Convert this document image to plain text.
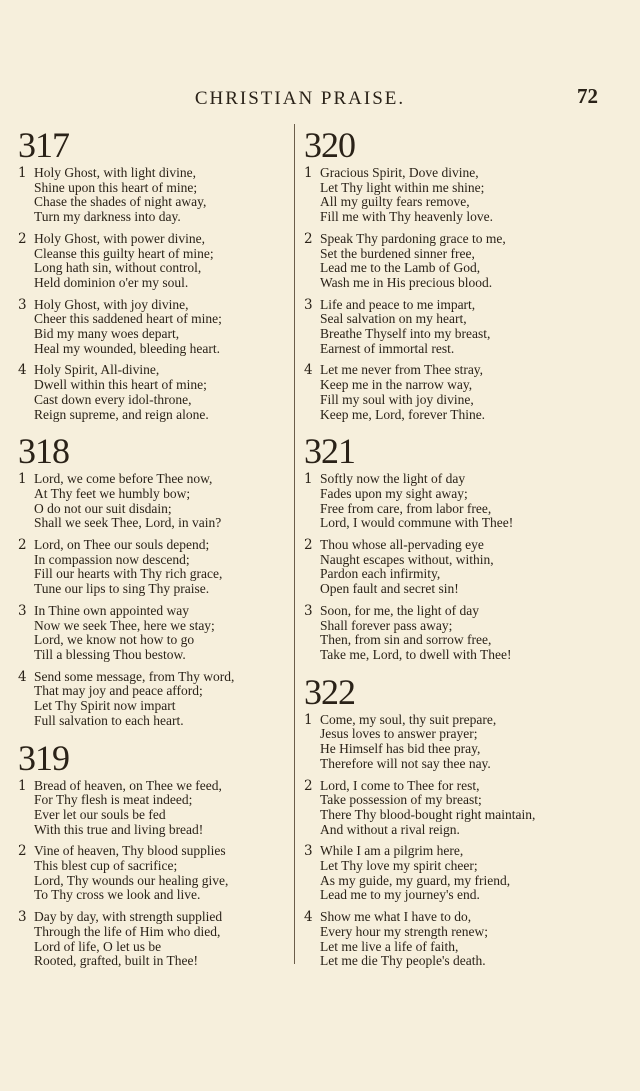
CHRISTIAN PRAISE.	72
317
1 Holy Ghost, with light divine,
Shine upon this heart of mine;
Chase the shades of night away,
Turn my darkness into day.
2 Holy Ghost, with power divine,
Cleanse this guilty heart of mine;
Long hath sin, without control,
Held dominion o'er my soul.
3 Holy Ghost, with joy divine,
Cheer this saddened heart of mine;
Bid my many woes depart,
Heal my wounded, bleeding heart.
4 Holy Spirit, All-divine,
Dwell within this heart of mine;
Cast down every idol-throne,
Reign supreme, and reign alone.
318
1 Lord, we come before Thee now,
At Thy feet we humbly bow;
O do not our suit disdain;
Shall we seek Thee, Lord, in vain?
2 Lord, on Thee our souls depend;
In compassion now descend;
Fill our hearts with Thy rich grace,
Tune our lips to sing Thy praise.
3 In Thine own appointed way
Now we seek Thee, here we stay;
Lord, we know not how to go
Till a blessing Thou bestow.
4 Send some message, from Thy word,
That may joy and peace afford;
Let Thy Spirit now impart
Full salvation to each heart.
319
1 Bread of heaven, on Thee we feed,
For Thy flesh is meat indeed;
Ever let our souls be fed
With this true and living bread!
2 Vine of heaven, Thy blood supplies
This blest cup of sacrifice;
Lord, Thy wounds our healing give,
To Thy cross we look and live.
3 Day by day, with strength supplied
Through the life of Him who died,
Lord of life, O let us be
Rooted, grafted, built in Thee!
320
1 Gracious Spirit, Dove divine,
Let Thy light within me shine;
All my guilty fears remove,
Fill me with Thy heavenly love.
2 Speak Thy pardoning grace to me,
Set the burdened sinner free,
Lead me to the Lamb of God,
Wash me in His precious blood.
3 Life and peace to me impart,
Seal salvation on my heart,
Breathe Thyself into my breast,
Earnest of immortal rest.
4 Let me never from Thee stray,
Keep me in the narrow way,
Fill my soul with joy divine,
Keep me, Lord, forever Thine.
321
1 Softly now the light of day
Fades upon my sight away;
Free from care, from labor free,
Lord, I would commune with Thee!
2 Thou whose all-pervading eye
Naught escapes without, within,
Pardon each infirmity,
Open fault and secret sin!
3 Soon, for me, the light of day
Shall forever pass away;
Then, from sin and sorrow free,
Take me, Lord, to dwell with Thee!
322
1 Come, my soul, thy suit prepare,
Jesus loves to answer prayer;
He Himself has bid thee pray,
Therefore will not say thee nay.
2 Lord, I come to Thee for rest,
Take possession of my breast;
There Thy blood-bought right maintain,
And without a rival reign.
3 While I am a pilgrim here,
Let Thy love my spirit cheer;
As my guide, my guard, my friend,
Lead me to my journey's end.
4 Show me what I have to do,
Every hour my strength renew;
Let me live a life of faith,
Let me die Thy people's death.
